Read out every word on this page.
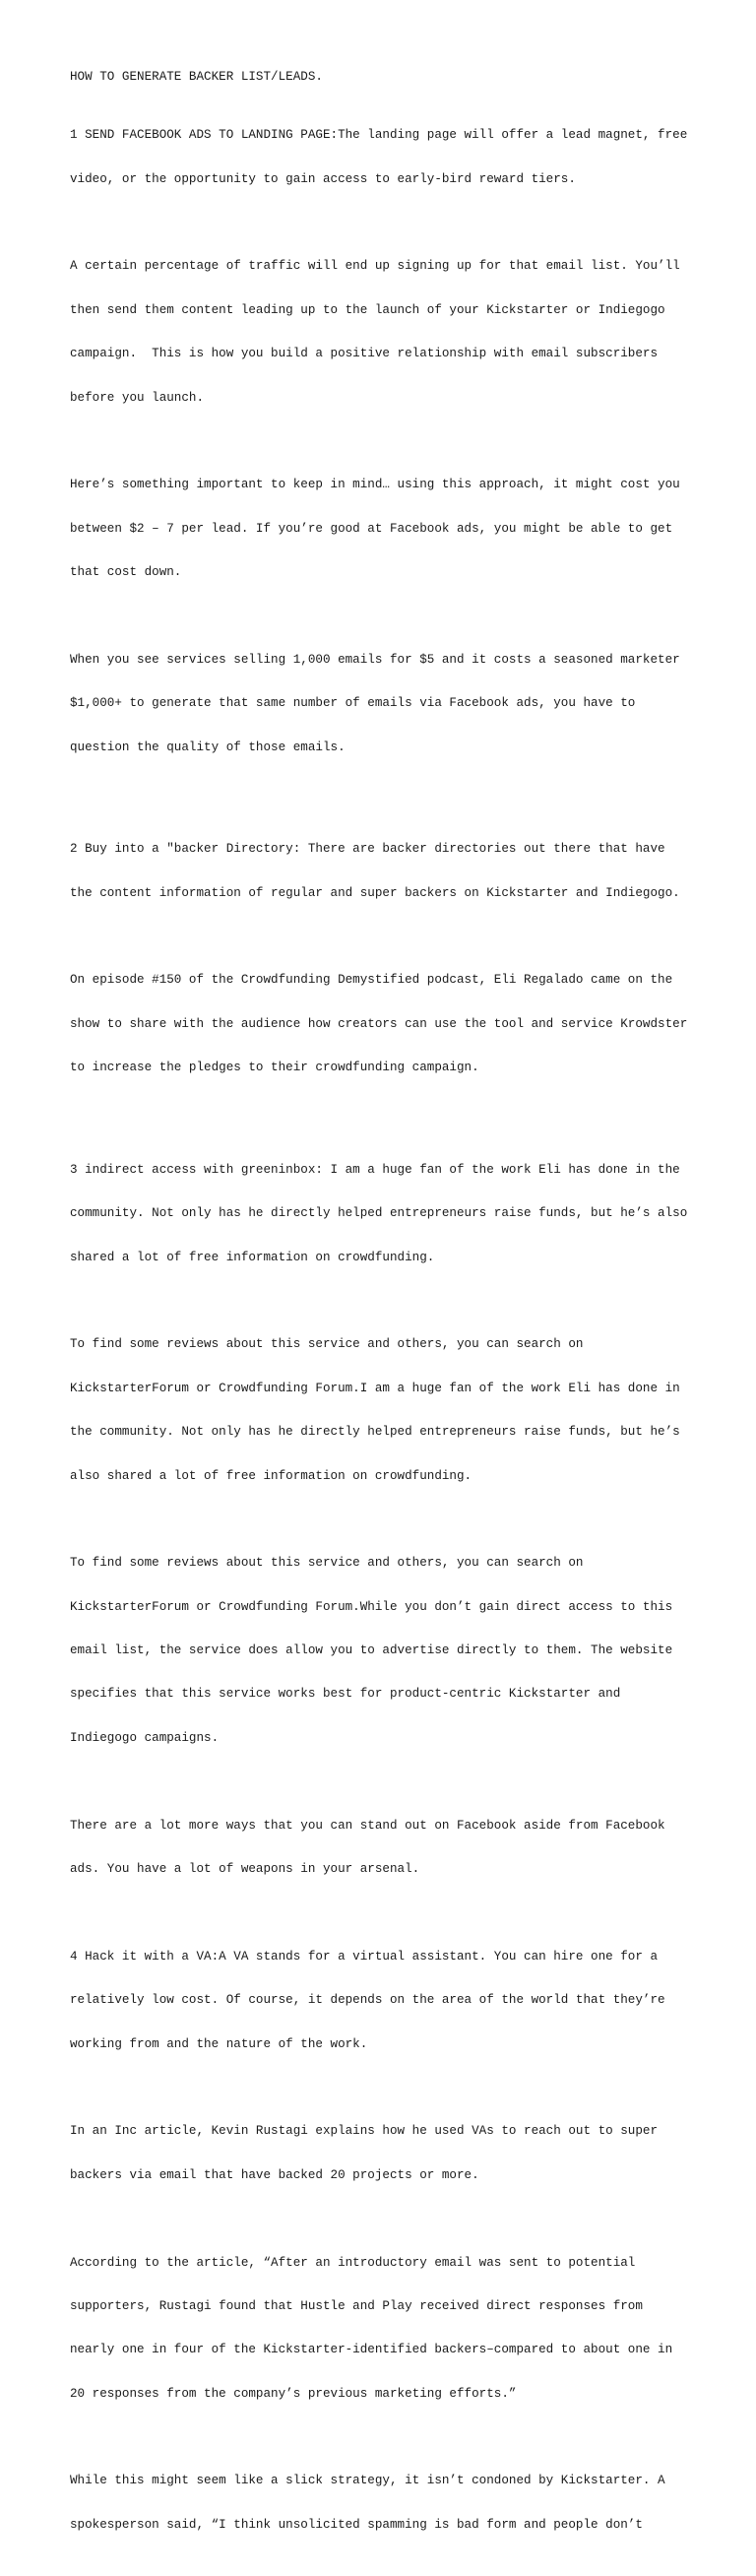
HOW TO GENERATE BACKER LIST/LEADS.

1 SEND FACEBOOK ADS TO LANDING PAGE:The landing page will offer a lead magnet, free

video, or the opportunity to gain access to early-bird reward tiers.

A certain percentage of traffic will end up signing up for that email list. You’ll

then send them content leading up to the launch of your Kickstarter or Indiegogo

campaign.  This is how you build a positive relationship with email subscribers

before you launch.

Here’s something important to keep in mind… using this approach, it might cost you

between $2 – 7 per lead. If you’re good at Facebook ads, you might be able to get

that cost down.

When you see services selling 1,000 emails for $5 and it costs a seasoned marketer

$1,000+ to generate that same number of emails via Facebook ads, you have to

question the quality of those emails.

2 Buy into a "backer Directory: There are backer directories out there that have

the content information of regular and super backers on Kickstarter and Indiegogo.

On episode #150 of the Crowdfunding Demystified podcast, Eli Regalado came on the

show to share with the audience how creators can use the tool and service Krowdster

to increase the pledges to their crowdfunding campaign.

3 indirect access with greeninbox: I am a huge fan of the work Eli has done in the

community. Not only has he directly helped entrepreneurs raise funds, but he’s also

shared a lot of free information on crowdfunding.

To find some reviews about this service and others, you can search on

KickstarterForum or Crowdfunding Forum.I am a huge fan of the work Eli has done in

the community. Not only has he directly helped entrepreneurs raise funds, but he’s

also shared a lot of free information on crowdfunding.

To find some reviews about this service and others, you can search on

KickstarterForum or Crowdfunding Forum.While you don’t gain direct access to this

email list, the service does allow you to advertise directly to them. The website

specifies that this service works best for product-centric Kickstarter and

Indiegogo campaigns.

There are a lot more ways that you can stand out on Facebook aside from Facebook

ads. You have a lot of weapons in your arsenal.

4 Hack it with a VA:A VA stands for a virtual assistant. You can hire one for a

relatively low cost. Of course, it depends on the area of the world that they’re

working from and the nature of the work.

In an Inc article, Kevin Rustagi explains how he used VAs to reach out to super

backers via email that have backed 20 projects or more.

According to the article, “After an introductory email was sent to potential

supporters, Rustagi found that Hustle and Play received direct responses from

nearly one in four of the Kickstarter-identified backers–compared to about one in

20 responses from the company’s previous marketing efforts.”

While this might seem like a slick strategy, it isn’t condoned by Kickstarter. A

spokesperson said, “I think unsolicited spamming is bad form and people don’t
